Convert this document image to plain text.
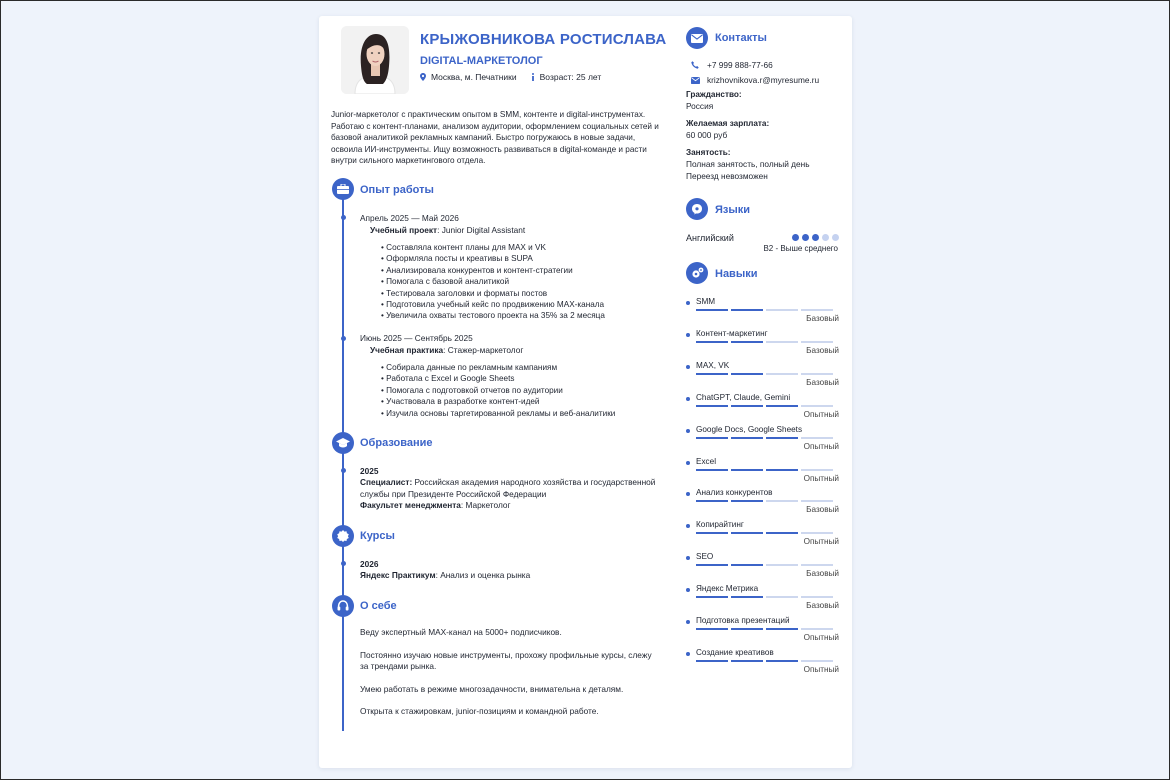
КРЫЖОВНИКОВА РОСТИСЛАВА
DIGITAL-МАРКЕТОЛОГ
Москва, м. Печатники	Возраст: 25 лет
Junior-маркетолог с практическим опытом в SMM, контенте и digital-инструментах. Работаю с контент-планами, анализом аудитории, оформлением социальных сетей и базовой аналитикой рекламных кампаний. Быстро погружаюсь в новые задачи, освоила ИИ-инструменты. Ищу возможность развиваться в digital-команде и расти внутри сильного маркетингового отдела.
Опыт работы
Апрель 2025 — Май 2026
Учебный проект: Junior Digital Assistant
• Составляла контент планы для MAX и VK
• Оформляла посты и креативы в SUPA
• Анализировала конкурентов и контент-стратегии
• Помогала с базовой аналитикой
• Тестировала заголовки и форматы постов
• Подготовила учебный кейс по продвижению MAX-канала
• Увеличила охваты тестового проекта на 35% за 2 месяца
Июнь 2025 — Сентябрь 2025
Учебная практика: Стажер-маркетолог
• Собирала данные по рекламным кампаниям
• Работала с Excel и Google Sheets
• Помогала с подготовкой отчетов по аудитории
• Участвовала в разработке контент-идей
• Изучила основы таргетированной рекламы и веб-аналитики
Образование
2025
Специалист: Российская академия народного хозяйства и государственной службы при Президенте Российской Федерации
Факультет менеджмента: Маркетолог
Курсы
2026
Яндекс Практикум: Анализ и оценка рынка
О себе

Веду экспертный MAX-канал на 5000+ подписчиков.

Постоянно изучаю новые инструменты, прохожу профильные курсы, слежу за трендами рынка.

Умею работать в режиме многозадачности, внимательна к деталям.

Открыта к стажировкам, junior-позициям и командной работе.

Контакты
+7 999 888-77-66
krizhovnikova.r@myresume.ru
Гражданство:
Россия
Желаемая зарплата:
60 000 руб
Занятость:
Полная занятость, полный день
Переезд невозможен
Языки
Английский
B2 - Выше среднего
Навыки
SMM
Базовый
Контент-маркетинг
Базовый
MAX, VK
Базовый
ChatGPT, Claude, Gemini
Опытный
Google Docs, Google Sheets
Опытный
Excel
Опытный
Анализ конкурентов
Базовый
Копирайтинг
Опытный
SEO
Базовый
Яндекс Метрика
Базовый
Подготовка презентаций
Опытный
Создание креативов
Опытный
